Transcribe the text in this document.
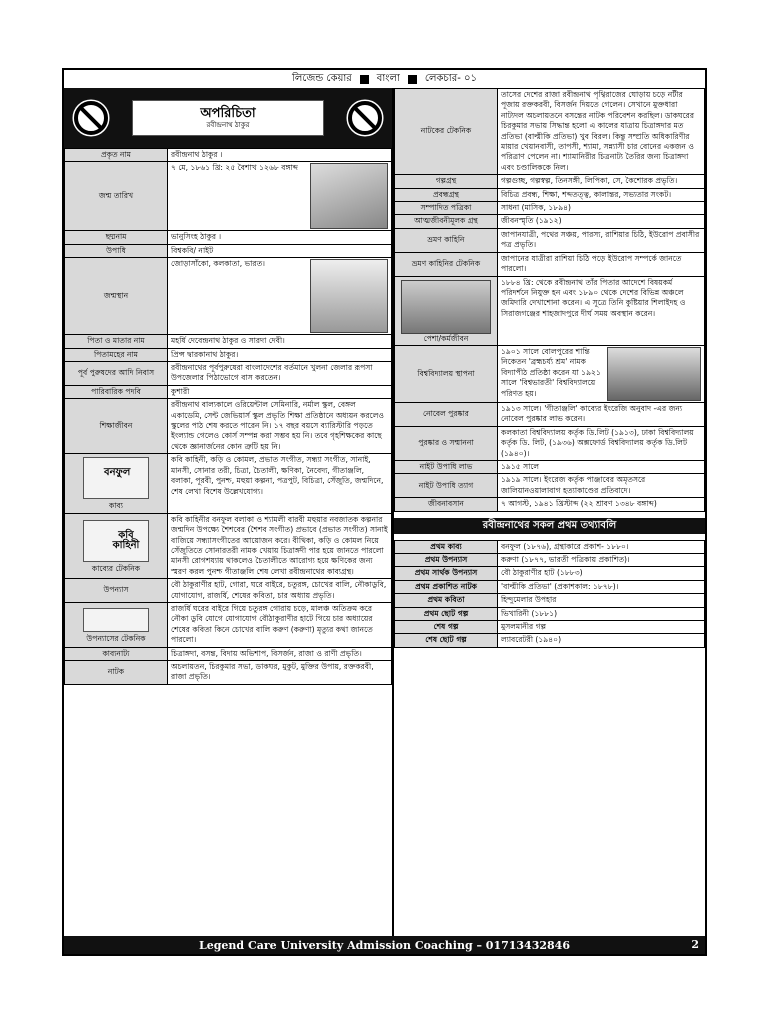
লিজেন্ড কেয়ার	বাংলা	লেকচার- ০১
অপরিচিতা
রবীন্দ্রনাথ ঠাকুর
প্রকৃত নাম	রবীন্দ্রনাথ ঠাকুর ।

জন্ম তারিখ	৭ মে, ১৮৬১ খ্রি: ২৫ বৈশাখ ১২৬৮ বঙ্গাব্দ

ছদ্মনাম	ভানুসিংহ ঠাকুর ।
উপাধি	বিশ্বকবি/ নাইট
জন্মস্থান	জোড়াসাঁকো, কলকাতা, ভারত।

পিতা ও মাতার নাম	মহর্ষি দেবেন্দ্রনাথ ঠাকুর ও সারদা দেবী।
পিতামহের নাম	প্রিন্স দ্বারকানাথ ঠাকুর।
পূর্ব পুরুষদের আদি নিবাস	রবীন্দ্রনাথের পূর্বপুরুষেরা বাংলাদেশের বর্তমানে খুলনা জেলার রূপসা উপজেলার পিঠাভোগে বাস করতেন।
পারিবারিক পদবি	কুশারী
শিক্ষাজীবন	রবীন্দ্রনাথ বাল্যকালে ওরিয়েন্টাল সেমিনারি, নর্মাল স্কুল, বেঙ্গল একাডেমি, সেন্ট জেভিয়ার্স স্কুল প্রভৃতি শিক্ষা প্রতিষ্ঠানে অধ্যয়ন করলেও স্কুলের পাঠ শেষ করতে পারেন নি। ১৭ বছর বয়সে ব্যারিস্টারি পড়তে ইংল্যান্ড গেলেও কোর্স সম্পন্ন করা সম্ভব হয় নি। তবে গৃহশিক্ষকের কাছে থেকে জ্ঞানার্জনের কোন ত্রুটি হয় নি।

বনফুল
কাব্য	কবি কাহিনী, কড়ি ও কোমল, প্রভাত সংগীত, সন্ধ্যা সংগীত, সানাই, মানসী, সোনার তরী, চিত্রা, চৈতালী, ক্ষণিকা, নৈবেদ্য, গীতাঞ্জলি, বলাকা, পূরবী, পুনশ্চ, মহুয়া কল্পনা, পত্রপুট, বিচিত্রা, সেঁজুতি, জন্মদিনে, শেষ লেখা বিশেষ উল্লেখযোগ্য।

কবি কাহিনী
কাব্যের টেকনিক	কবি কাহিনীর বনফুল বলাকা ও শ্যামলী বারবী মহুয়ার নবজাতক কল্পনার জন্মদিন উপক্ষ্যে শৈশবের (শৈশব সংগীত) প্রভাবে (প্রভাত সংগীত) সানাই বাজিয়ে সন্ধ্যাসংগীতের আয়োজন করে। বীথিকা, কড়ি ও কোমল নিয়ে সেঁজুতিতে সোনারতরী নামক খেয়ায় চিত্রাঙ্গদী পার হয়ে জানতে পারলো মানসী রোগশয্যায় থাকলেও চৈতালীতে আরোগ্য হয়ে ক্ষণিকের জন্য স্মরণ করল পুনশ্চ গীতাঞ্জলি শেষ লেখা রবীন্দ্রনাথের কাব্যগ্রন্থ।
উপন্যাস	বৌ ঠাকুরাণীর হাট, গোরা, ঘরে বাইরে, চতুরঙ্গ, চোখের বালি, নৌকাডুবি, যোগাযোগ, রাজর্ষি, শেষের কবিতা, চার অধ্যায় প্রভৃতি।

উপন্যাসের টেকনিক	রাজর্ষি ঘরের বাইরে গিয়ে চতুরঙ্গ গোরায় চড়ে, মালঞ্চ অতিক্রম করে নৌকা ডুবি যোগে যোগাযোগ বৌঠাকুরাণীর হাটে গিয়ে চার অধ্যায়ের শেষের কবিতা কিনে চোখের বালি করুণ (করুণা) মৃত্যুর কথা জানতে পারলো।
কাব্যনাট্য	চিত্রাঙ্গদা, বসন্ত, বিদায় অভিশাপ, বিসর্জন, রাজা ও রাণী প্রভৃতি।
নাটক	অচলায়তন, চিরকুমার সভা, ডাকঘর, মুকুট, মুক্তির উপায়, রক্তকরবী, রাজা প্রভৃতি।
নাটকের টেকনিক	তাসের দেশের রাজা রবীন্দ্রনাথ পৃথ্বিরাজের ঘোড়ায় চড়ে নটীর পূজায় রক্তকরবী, বিসর্জন দিয়তে গেলেন। সেখানে মুক্তধারা নাট্যদল অচলায়তনে বসন্তের নাটক পরিবেশন করছিল। ডাকঘরের চিরকুমার সভায় সিদ্ধান্ত হলো এ কালের যাত্রায় চিত্রাঙ্গদার মত প্রতিভা (বাল্মীকি প্রতিভা) খুব বিরল। কিন্তু সম্প্রতি অধিকারিণীর মায়ার খেয়ানবাসী, তাপসী, শ্যামা, সন্ন্যাসী চার বোনের একজন ও পরিত্রাণ পেলেন না। শ্যামানিরীর চিত্রনাট্য তৈরির জন্য চিত্রাঙ্গদা এবং চণ্ডালিককে নিল।
গল্পগ্রন্থ	গল্পগুচ্ছ, গল্পস্বল্প, তিনসঙ্গী, লিপিকা, সে, কৈশোরক প্রভৃতি।
প্রবন্ধগ্রন্থ	বিচিত্র প্রবন্ধ, শিক্ষা, শব্দতত্ত্ব, কালান্তর, সভ্যতার সংকট।
সম্পাদিত পত্রিকা	সাধনা (মাসিক, ১৮৯৪)
আত্মজীবনীমূলক গ্রন্থ	জীবনস্মৃতি (১৯১২)
ভ্রমণ কাহিনি	জাপানযাত্রী, পথের সঞ্চয়, পারস্য, রাশিয়ার চিঠি, ইউরোপ প্রবাসীর পত্র প্রভৃতি।
ভ্রমণ কাহিনির টেকনিক	জাপানের যাত্রীরা রাশিয়া চিঠি পড়ে ইউরোপ সম্পর্কে জানতে পারলো।

পেশা/কর্মজীবন	১৮৮৪ খ্রি: থেকে রবীন্দ্রনাথ তাঁর পিতার আদেশে বিষয়কর্ম পরিদর্শনে নিযুক্ত হন এবং ১৮৯০ থেকে দেশের বিভিন্ন অঞ্চলে জমিদারি দেখাশোনা করেন। এ সূত্রে তিনি কুষ্টিয়ার শিলাইদহ ও সিরাজগঞ্জের শাহজাদপুরে দীর্ঘ সময় অবস্থান করেন।
বিশ্ববিদ্যালয় স্থাপনা	১৯০১ সালে বোলপুরের শান্তি নিকেতন 'ব্রহ্মচর্য্য শ্রম' নামক বিদ্যাপীঠ প্রতিষ্ঠা করেন যা ১৯২১ সালে 'বিশ্বভারতী' বিশ্ববিদ্যালয়ে পরিণত হয়।

নোবেল পুরষ্কার	১৯১৩ সালে। 'গীতাঞ্জলি' কাব্যের ইংরেজি অনুবাদ -এর জন্য নোবেল পুরষ্কার লাভ করেন।
পুরষ্কার ও সম্মাননা	কলকাতা বিশ্ববিদ্যালয় কর্তৃক ডি.লিট (১৯১৩), ঢাকা বিশ্ববিদ্যালয় কর্তৃক ডি. লিট, (১৯৩৬) অক্সফোর্ড বিশ্ববিদ্যালয় কর্তৃক ডি.লিট (১৯৪০)।
নাইট উপাধি লাভ	১৯১৫ সালে
নাইট উপাধি ত্যাগ	১৯১৯ সালে। ইংরেজ কর্তৃক পাঞ্জাবের অমৃতসরে জালিয়ানওয়ালাবাগ হত্যাকাণ্ডের প্রতিবাদে।
জীবনাবসান	৭ আগস্ট, ১৯৪১ খ্রিস্টাব্দ (২২ শ্রাবণ ১৩৪৮ বঙ্গাব্দ)
রবীন্দ্রনাথের সকল প্রথম তথ্যাবলি
প্রথম কাব্য	বনফুল (১৮৭৬), গ্রন্থাকারে প্রকাশ- ১৮৮০।
প্রথম উপন্যাস	করুণা (১৮৭৭, ভারতী পত্রিকায় প্রকাশিত)।
প্রথম সার্থক উপন্যাস	বৌ ঠাকুরাণীর হাট (১৮৮৩)
প্রথম প্রকাশিত নাটক	'বাল্মীকি প্রতিভা' (প্রকাশকাল: ১৮৭৮)।
প্রথম কবিতা	হিন্দুমেলার উপহার
প্রথম ছোট গল্প	ভিখারিনী (১৮৮১)
শেষ গল্প	মুসলমানীর গল্প
শেষ ছোট গল্প	ল্যাবরেটরী (১৯৪০)
Legend Care University Admission Coaching – 01713432846	2
